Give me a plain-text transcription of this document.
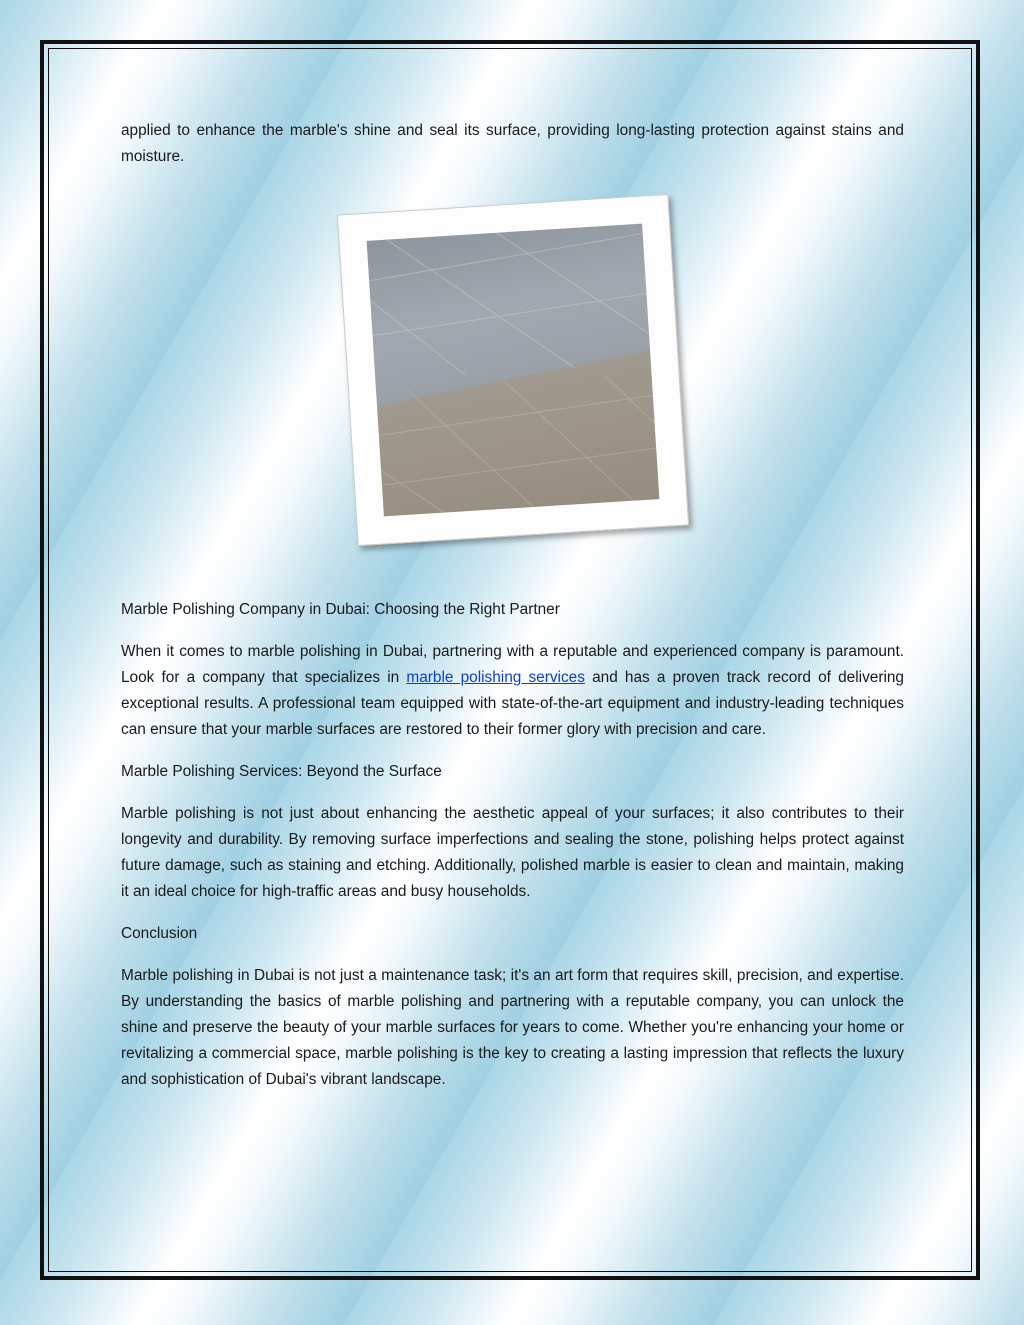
applied to enhance the marble's shine and seal its surface, providing long-lasting protection against stains and moisture.

Marble Polishing Company in Dubai: Choosing the Right Partner

When it comes to marble polishing in Dubai, partnering with a reputable and experienced company is paramount. Look for a company that specializes in marble polishing services and has a proven track record of delivering exceptional results. A professional team equipped with state-of-the-art equipment and industry-leading techniques can ensure that your marble surfaces are restored to their former glory with precision and care.

Marble Polishing Services: Beyond the Surface

Marble polishing is not just about enhancing the aesthetic appeal of your surfaces; it also contributes to their longevity and durability. By removing surface imperfections and sealing the stone, polishing helps protect against future damage, such as staining and etching. Additionally, polished marble is easier to clean and maintain, making it an ideal choice for high-traffic areas and busy households.

Conclusion

Marble polishing in Dubai is not just a maintenance task; it's an art form that requires skill, precision, and expertise. By understanding the basics of marble polishing and partnering with a reputable company, you can unlock the shine and preserve the beauty of your marble surfaces for years to come. Whether you're enhancing your home or revitalizing a commercial space, marble polishing is the key to creating a lasting impression that reflects the luxury and sophistication of Dubai's vibrant landscape.
